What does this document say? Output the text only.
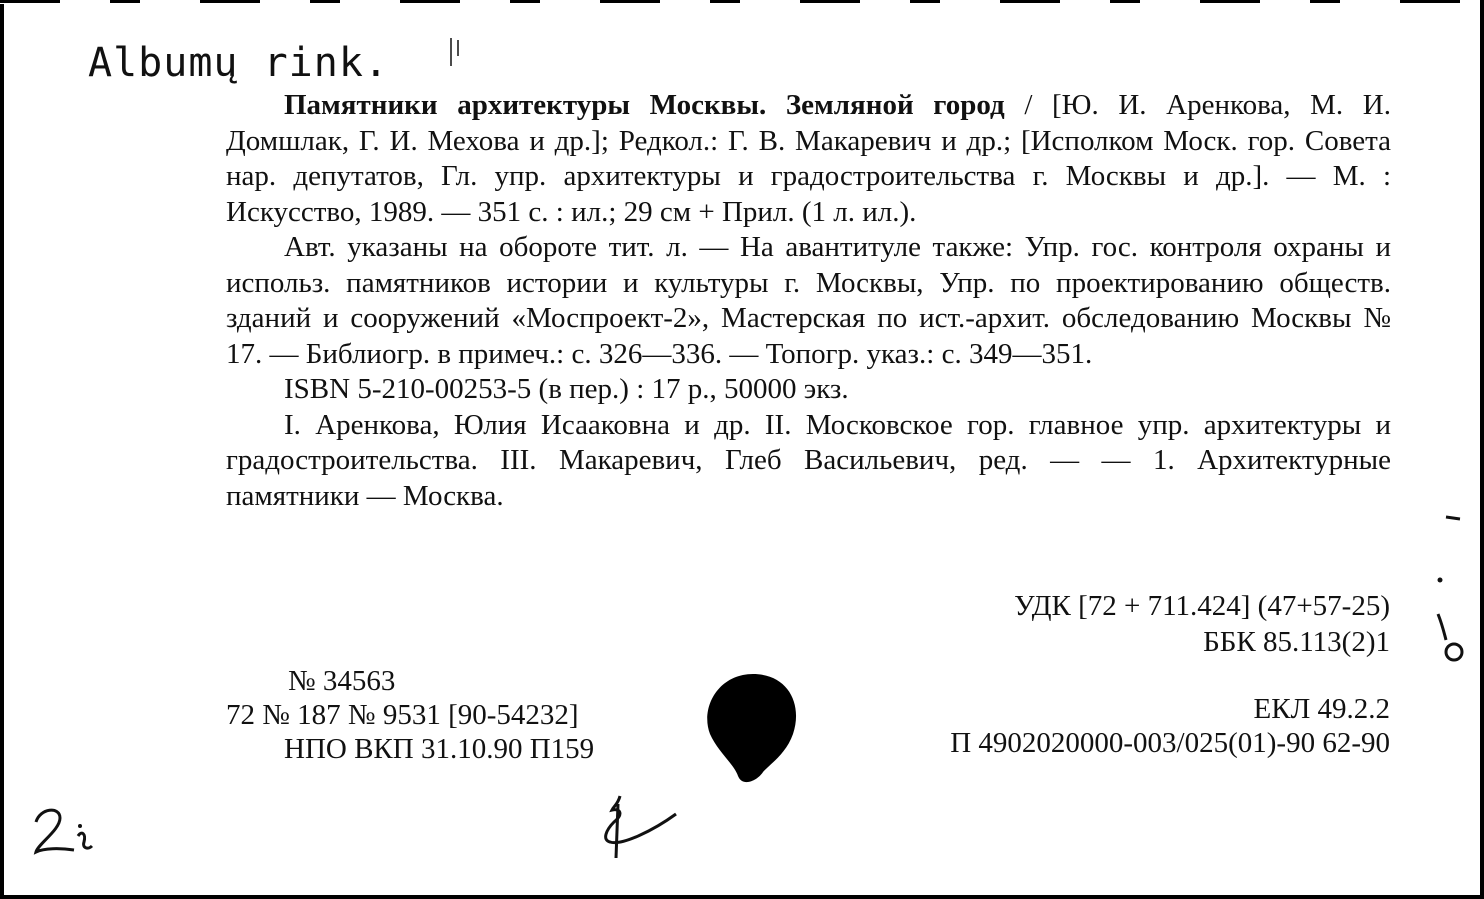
Albumų rink.

Памятники архитектуры Москвы. Земляной город / [Ю. И. Аренкова, М. И. Домшлак, Г. И. Мехова и др.]; Редкол.: Г. В. Макаревич и др.; [Исполком Моск. гор. Совета нар. депутатов, Гл. упр. архитектуры и градостроительства г. Москвы и др.]. — М. : Искусство, 1989. — 351 с. : ил.; 29 см + Прил. (1 л. ил.).

Авт. указаны на обороте тит. л. — На авантитуле также: Упр. гос. контроля охраны и использ. памятников истории и культуры г. Москвы, Упр. по проектированию обществ. зданий и сооружений «Моспроект-2», Мастерская по ист.-архит. обследованию Москвы № 17. — Библиогр. в примеч.: с. 326—336. — Топогр. указ.: с. 349—351.

ISBN 5-210-00253-5 (в пер.) : 17 р., 50000 экз.

I. Аренкова, Юлия Исааковна и др. II. Московское гор. главное упр. архитектуры и градостроительства. III. Макаревич, Глеб Васильевич, ред. — — 1. Архитектурные памятники — Москва.

УДК [72 + 711.424] (47+57-25)
ББК 85.113(2)1
№ 34563
72 № 187 № 9531 [90-54232]
НПО ВКП 31.10.90 П159
ЕКЛ 49.2.2
П 4902020000-003/025(01)-90 62-90
